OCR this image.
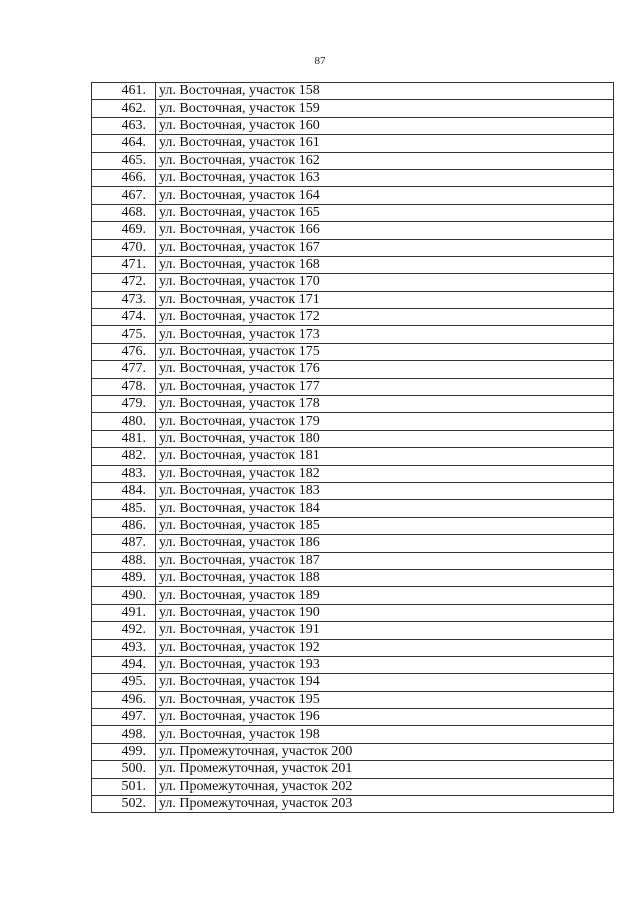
87
461.	ул. Восточная, участок 158
462.	ул. Восточная, участок 159
463.	ул. Восточная, участок 160
464.	ул. Восточная, участок 161
465.	ул. Восточная, участок 162
466.	ул. Восточная, участок 163
467.	ул. Восточная, участок 164
468.	ул. Восточная, участок 165
469.	ул. Восточная, участок 166
470.	ул. Восточная, участок 167
471.	ул. Восточная, участок 168
472.	ул. Восточная, участок 170
473.	ул. Восточная, участок 171
474.	ул. Восточная, участок 172
475.	ул. Восточная, участок 173
476.	ул. Восточная, участок 175
477.	ул. Восточная, участок 176
478.	ул. Восточная, участок 177
479.	ул. Восточная, участок 178
480.	ул. Восточная, участок 179
481.	ул. Восточная, участок 180
482.	ул. Восточная, участок 181
483.	ул. Восточная, участок 182
484.	ул. Восточная, участок 183
485.	ул. Восточная, участок 184
486.	ул. Восточная, участок 185
487.	ул. Восточная, участок 186
488.	ул. Восточная, участок 187
489.	ул. Восточная, участок 188
490.	ул. Восточная, участок 189
491.	ул. Восточная, участок 190
492.	ул. Восточная, участок 191
493.	ул. Восточная, участок 192
494.	ул. Восточная, участок 193
495.	ул. Восточная, участок 194
496.	ул. Восточная, участок 195
497.	ул. Восточная, участок 196
498.	ул. Восточная, участок 198
499.	ул. Промежуточная, участок 200
500.	ул. Промежуточная, участок 201
501.	ул. Промежуточная, участок 202
502.	ул. Промежуточная, участок 203
